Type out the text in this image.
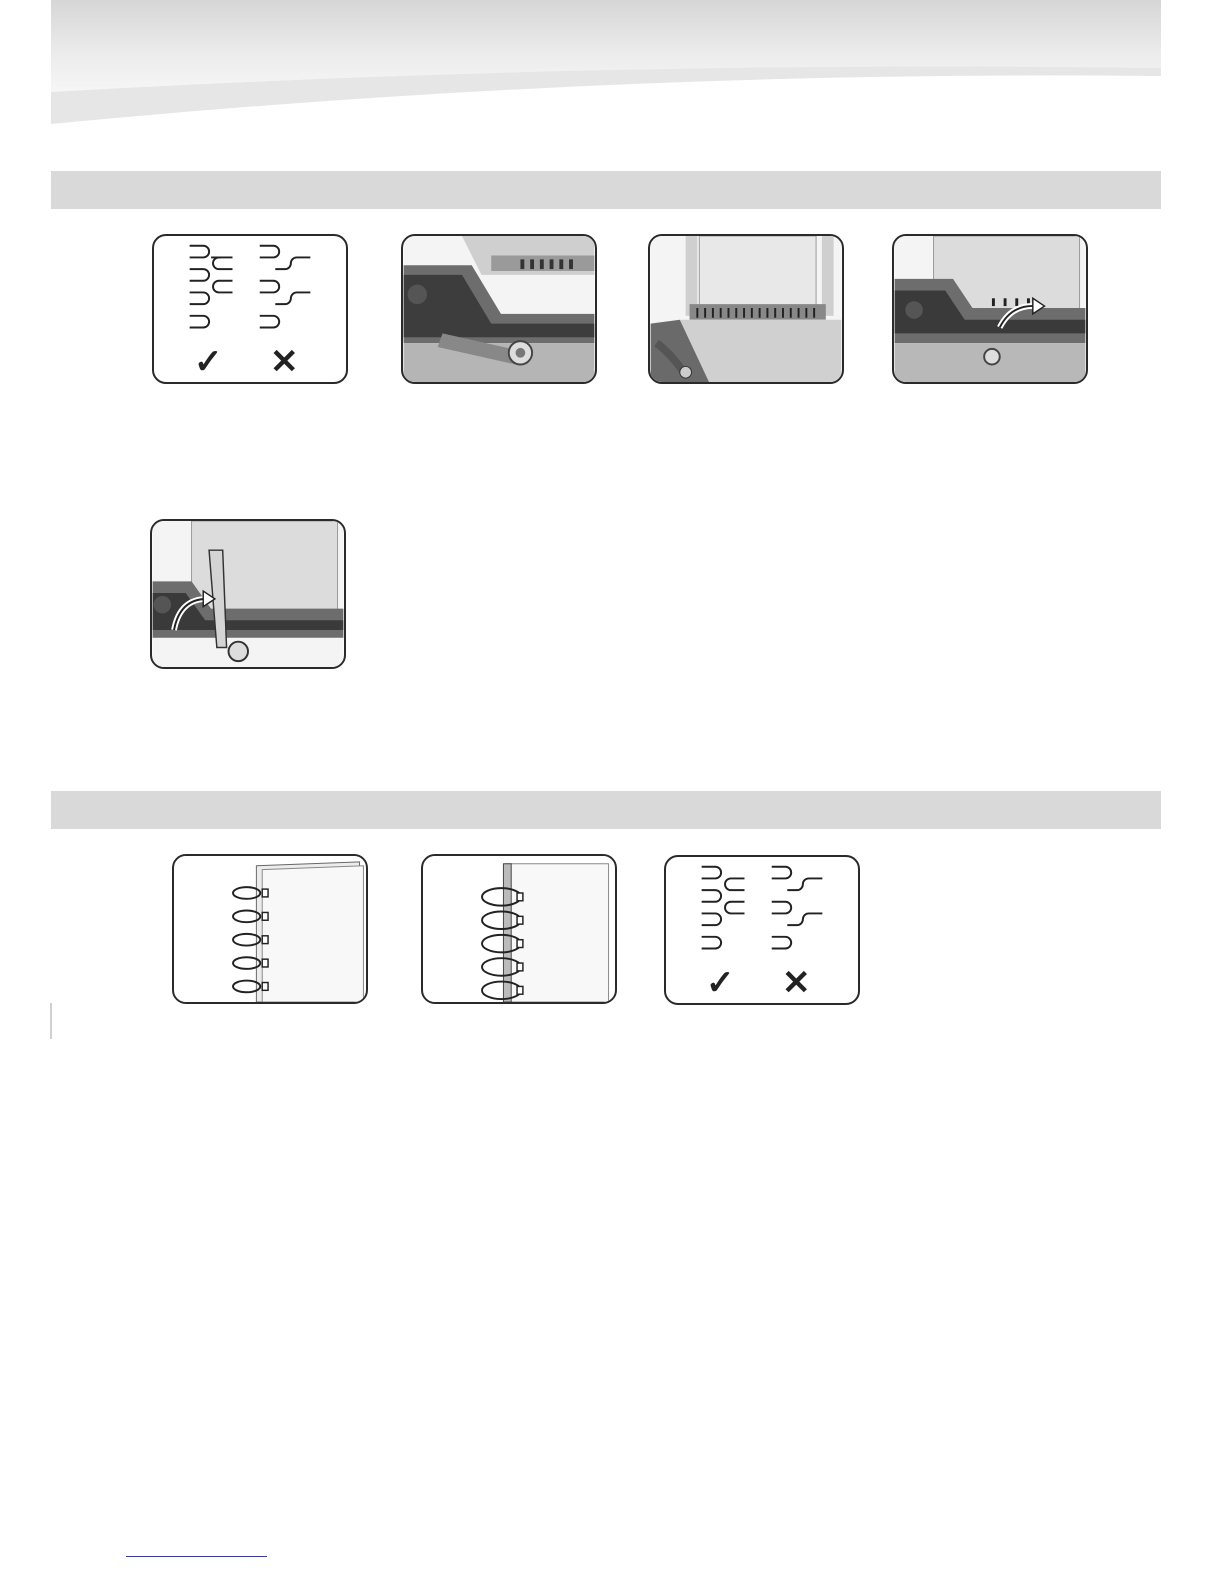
✓ ✕
✓ ✕
